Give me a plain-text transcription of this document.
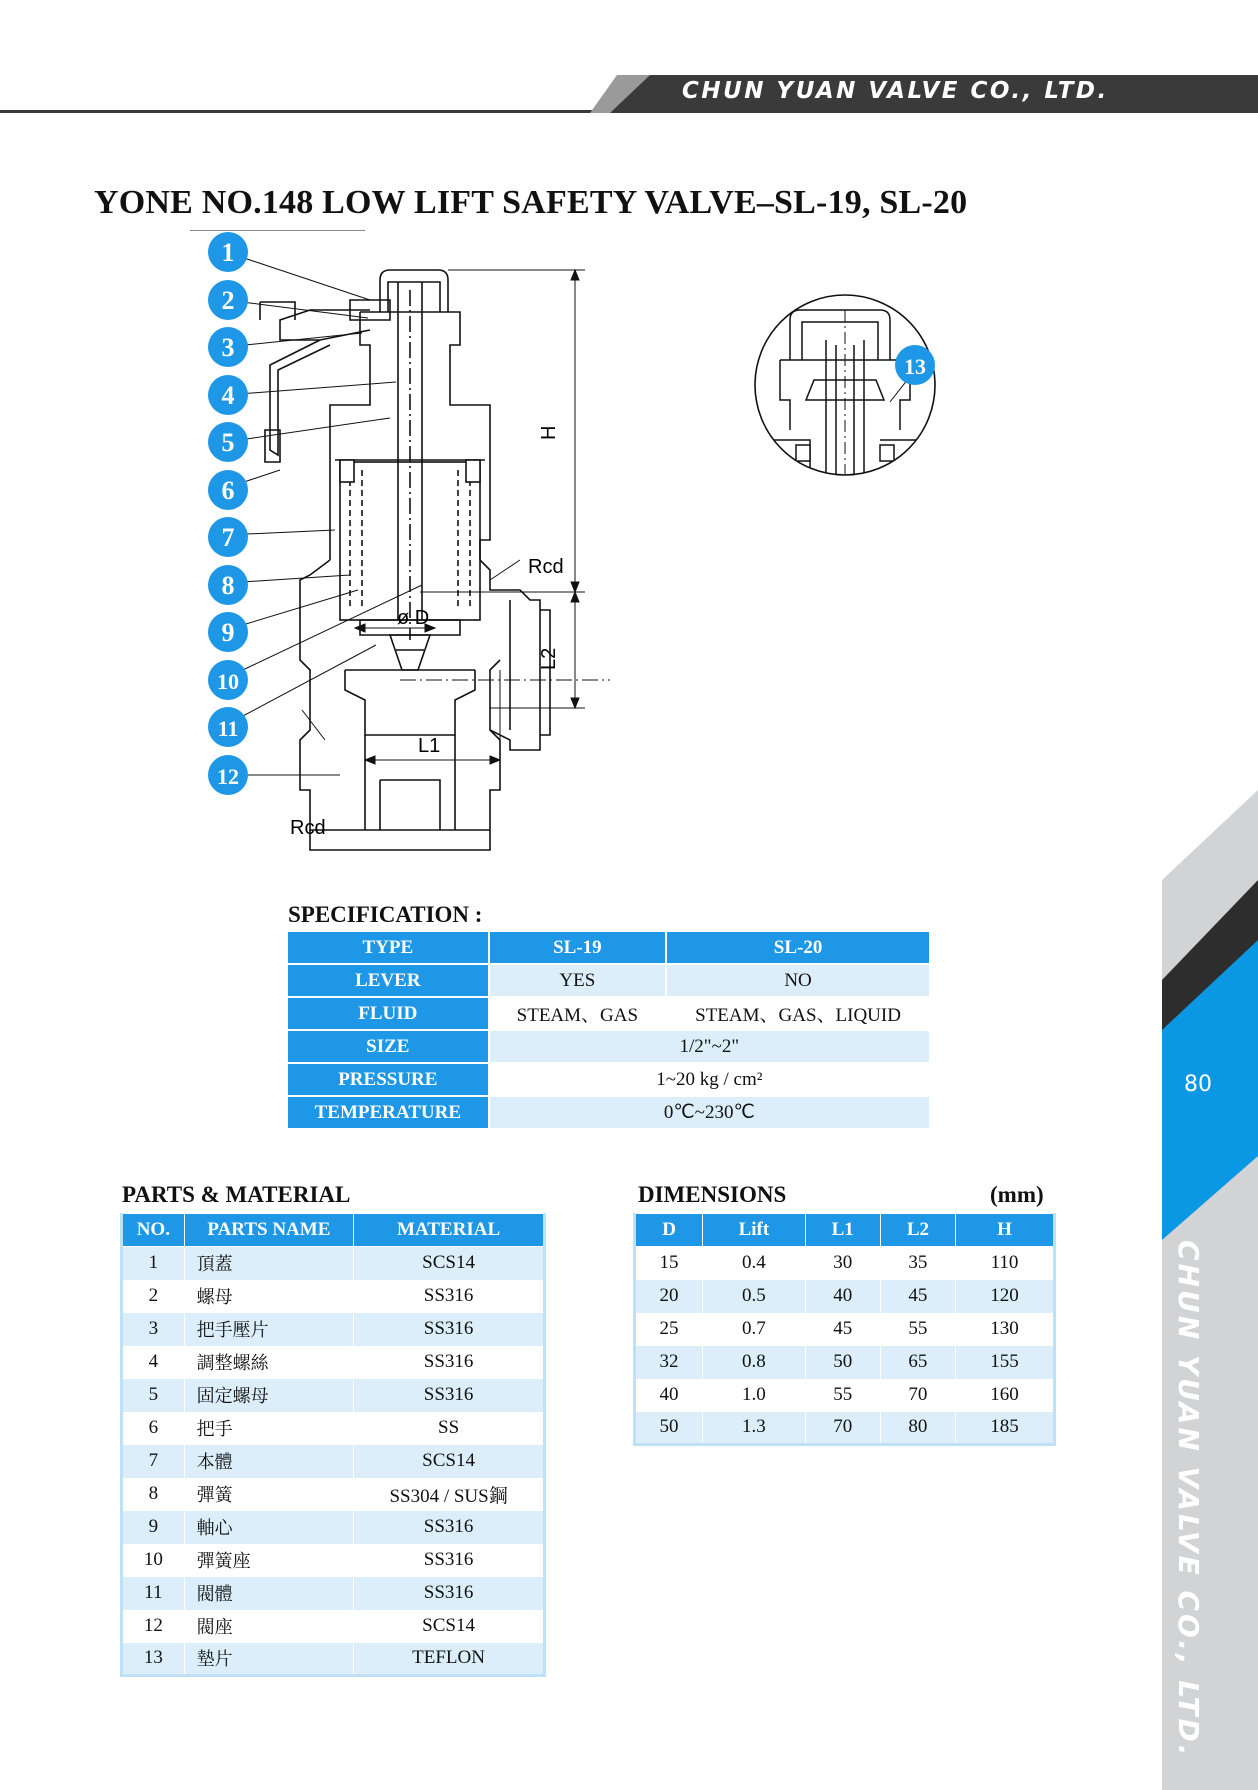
CHUN YUAN VALVE CO., LTD.
YONE NO.148 LOW LIFT SAFETY VALVE–SL-19, SL-20
H
L2
L1
ø D
Rcd
Rcd
1
2
3
4
5
6
7
8
9
10
11
12
13
SPECIFICATION :
TYPE	SL-19	SL-20
LEVER	YES	NO
FLUID	STEAM、GAS	STEAM、GAS、LIQUID
SIZE	1/2"~2"	
PRESSURE	1~20 kg / cm²	
TEMPERATURE	0℃~230℃	
PARTS & MATERIAL
NO.	PARTS NAME	MATERIAL
1	頂蓋	SCS14
2	螺母	SS316
3	把手壓片	SS316
4	調整螺絲	SS316
5	固定螺母	SS316
6	把手	SS
7	本體	SCS14
8	彈簧	SS304 / SUS鋼
9	軸心	SS316
10	彈簧座	SS316
11	閥體	SS316
12	閥座	SCS14
13	墊片	TEFLON
DIMENSIONS	(mm)
D	Lift	L1	L2	H
15	0.4	30	35	110
20	0.5	40	45	120
25	0.7	45	55	130
32	0.8	50	65	155
40	1.0	55	70	160
50	1.3	70	80	185
80
CHUN YUAN VALVE CO., LTD.
